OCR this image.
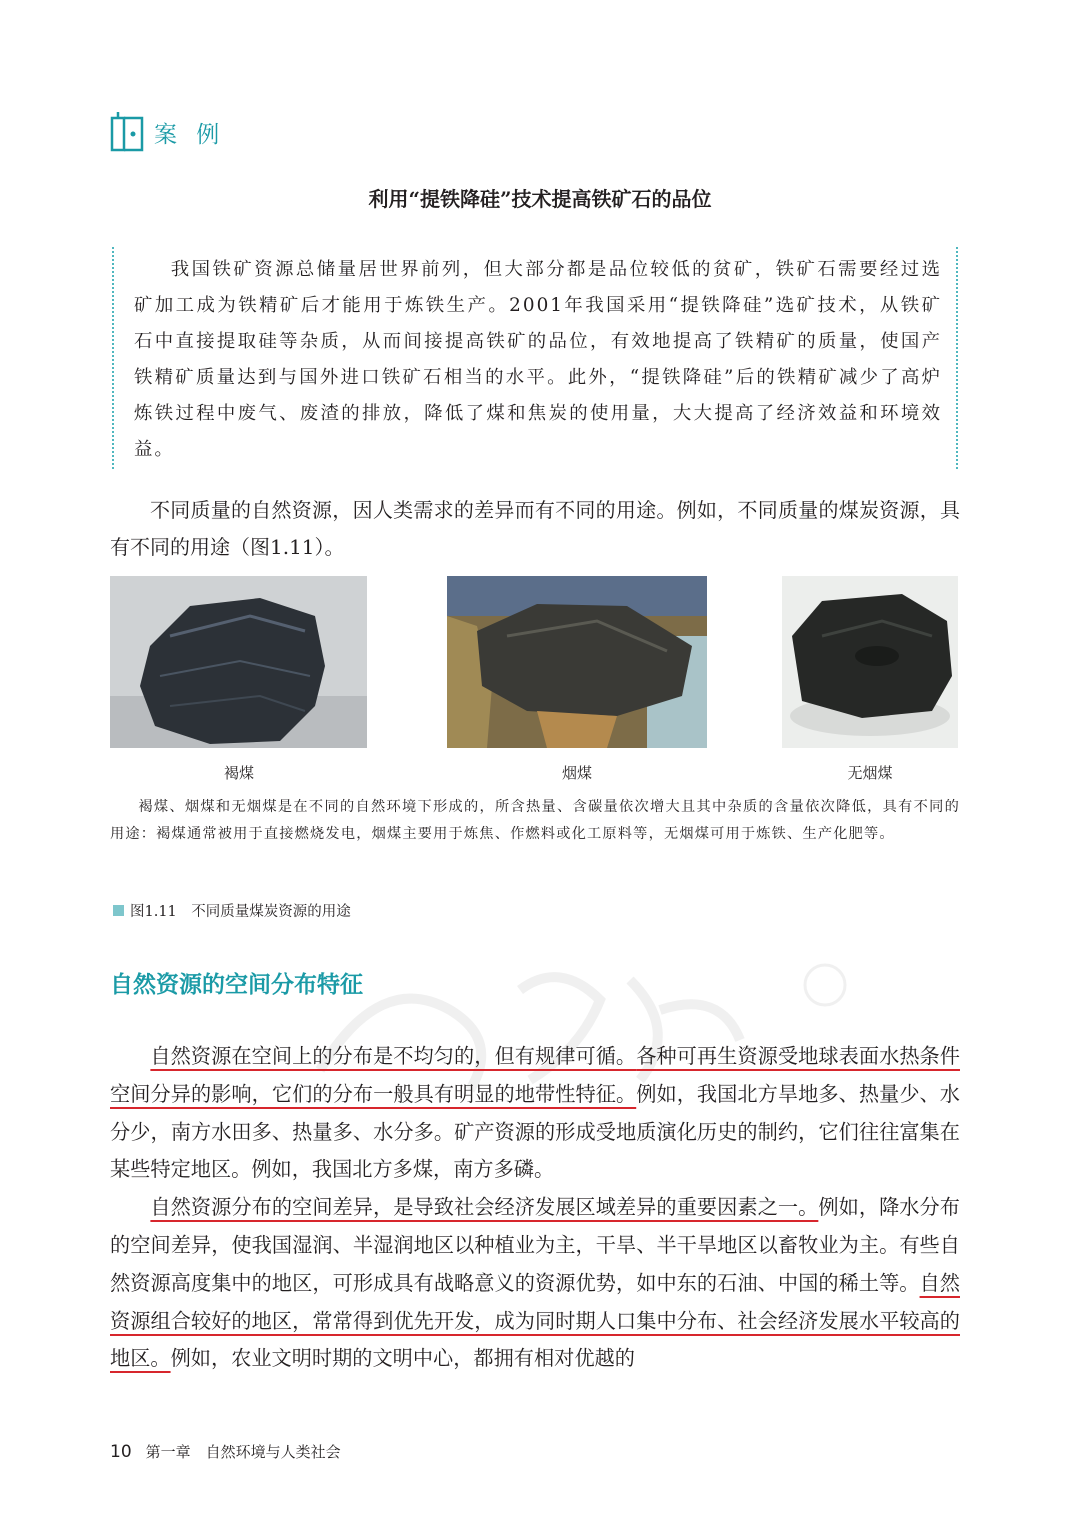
案 例
利用“提铁降硅”技术提高铁矿石的品位
我国铁矿资源总储量居世界前列，但大部分都是品位较低的贫矿，铁矿石需要经过选矿加工成为铁精矿后才能用于炼铁生产。2001年我国采用“提铁降硅”选矿技术，从铁矿石中直接提取硅等杂质，从而间接提高铁矿的品位，有效地提高了铁精矿的质量，使国产铁精矿质量达到与国外进口铁矿石相当的水平。此外，“提铁降硅”后的铁精矿减少了高炉炼铁过程中废气、废渣的排放，降低了煤和焦炭的使用量，大大提高了经济效益和环境效益。
不同质量的自然资源，因人类需求的差异而有不同的用途。例如，不同质量的煤炭资源，具有不同的用途（图1.11）。
褐煤	烟煤	无烟煤
褐煤、烟煤和无烟煤是在不同的自然环境下形成的，所含热量、含碳量依次增大且其中杂质的含量依次降低，具有不同的用途：褐煤通常被用于直接燃烧发电，烟煤主要用于炼焦、作燃料或化工原料等，无烟煤可用于炼铁、生产化肥等。
图1.11　不同质量煤炭资源的用途
自然资源的空间分布特征

自然资源在空间上的分布是不均匀的，但有规律可循。各种可再生资源受地球表面水热条件空间分异的影响，它们的分布一般具有明显的地带性特征。例如，我国北方旱地多、热量少、水分少，南方水田多、热量多、水分多。矿产资源的形成受地质演化历史的制约，它们往往富集在某些特定地区。例如，我国北方多煤，南方多磷。

自然资源分布的空间差异，是导致社会经济发展区域差异的重要因素之一。例如，降水分布的空间差异，使我国湿润、半湿润地区以种植业为主，干旱、半干旱地区以畜牧业为主。有些自然资源高度集中的地区，可形成具有战略意义的资源优势，如中东的石油、中国的稀土等。自然资源组合较好的地区，常常得到优先开发，成为同时期人口集中分布、社会经济发展水平较高的地区。例如，农业文明时期的文明中心，都拥有相对优越的

10 第一章　自然环境与人类社会
